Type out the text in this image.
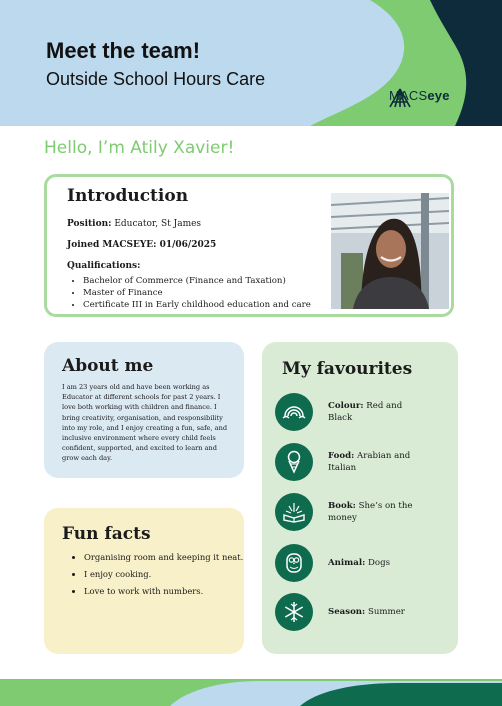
Meet the team!
Outside School Hours Care
MACSeye
Hello, I’m Atily Xavier!
Introduction
Position: Educator, St James
Joined MACSEYE: 01/06/2025
Qualifications:
• Bachelor of Commerce (Finance and Taxation)
• Master of Finance
• Certificate III in Early childhood education and care
About me

I am 23 years old and have been working as Educator at different schools for past 2 years. I love both working with children and finance. I bring creativity, organisation, and responsibility into my role, and I enjoy creating a fun, safe, and inclusive environment where every child feels confident, supported, and excited to learn and grow each day.

Fun facts
• Organising room and keeping it neat.
• I enjoy cooking.
• Love to work with numbers.
My favourites
Colour: Red and Black
Food: Arabian and Italian
Book: She’s on the money
Animal: Dogs
Season: Summer
